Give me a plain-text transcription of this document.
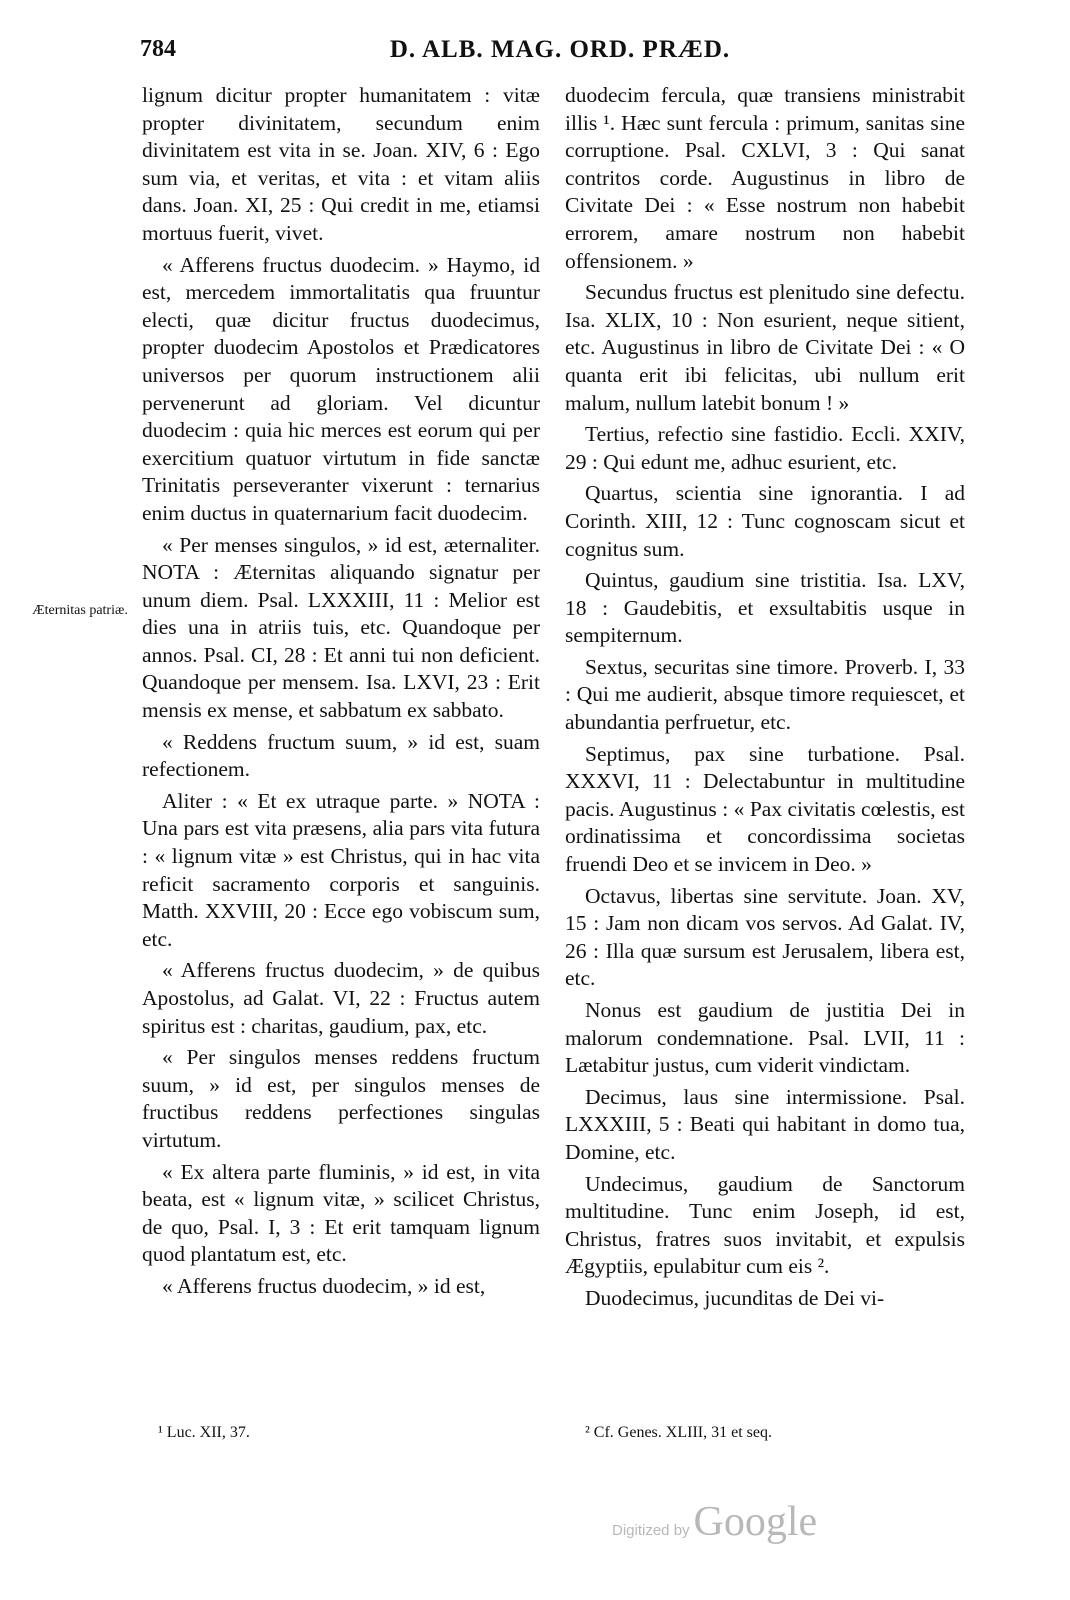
784	D. ALB. MAG. ORD. PRÆD.
Æternitas patriæ.

lignum dicitur propter humanitatem : vitæ propter divinitatem, secundum enim divinitatem est vita in se. Joan. XIV, 6 : Ego sum via, et veritas, et vita : et vitam aliis dans. Joan. XI, 25 : Qui credit in me, etiamsi mortuus fuerit, vivet.

« Afferens fructus duodecim. » Haymo, id est, mercedem immortalitatis qua fruuntur electi, quæ dicitur fructus duodecimus, propter duodecim Apostolos et Prædicatores universos per quorum instructionem alii pervenerunt ad gloriam. Vel dicuntur duodecim : quia hic merces est eorum qui per exercitium quatuor virtutum in fide sanctæ Trinitatis perseveranter vixerunt : ternarius enim ductus in quaternarium facit duodecim.

« Per menses singulos, » id est, æternaliter. NOTA : Æternitas aliquando signatur per unum diem. Psal. LXXXIII, 11 : Melior est dies una in atriis tuis, etc. Quandoque per annos. Psal. CI, 28 : Et anni tui non deficient. Quandoque per mensem. Isa. LXVI, 23 : Erit mensis ex mense, et sabbatum ex sabbato.

« Reddens fructum suum, » id est, suam refectionem.

Aliter : « Et ex utraque parte. » NOTA : Una pars est vita præsens, alia pars vita futura : « lignum vitæ » est Christus, qui in hac vita reficit sacramento corporis et sanguinis. Matth. XXVIII, 20 : Ecce ego vobiscum sum, etc.

« Afferens fructus duodecim, » de quibus Apostolus, ad Galat. VI, 22 : Fructus autem spiritus est : charitas, gaudium, pax, etc.

« Per singulos menses reddens fructum suum, » id est, per singulos menses de fructibus reddens perfectiones singulas virtutum.

« Ex altera parte fluminis, » id est, in vita beata, est « lignum vitæ, » scilicet Christus, de quo, Psal. I, 3 : Et erit tamquam lignum quod plantatum est, etc.

« Afferens fructus duodecim, » id est,

duodecim fercula, quæ transiens ministrabit illis ¹. Hæc sunt fercula : primum, sanitas sine corruptione. Psal. CXLVI, 3 : Qui sanat contritos corde. Augustinus in libro de Civitate Dei : « Esse nostrum non habebit errorem, amare nostrum non habebit offensionem. »

Secundus fructus est plenitudo sine defectu. Isa. XLIX, 10 : Non esurient, neque sitient, etc. Augustinus in libro de Civitate Dei : « O quanta erit ibi felicitas, ubi nullum erit malum, nullum latebit bonum ! »

Tertius, refectio sine fastidio. Eccli. XXIV, 29 : Qui edunt me, adhuc esurient, etc.

Quartus, scientia sine ignorantia. I ad Corinth. XIII, 12 : Tunc cognoscam sicut et cognitus sum.

Quintus, gaudium sine tristitia. Isa. LXV, 18 : Gaudebitis, et exsultabitis usque in sempiternum.

Sextus, securitas sine timore. Proverb. I, 33 : Qui me audierit, absque timore requiescet, et abundantia perfruetur, etc.

Septimus, pax sine turbatione. Psal. XXXVI, 11 : Delectabuntur in multitudine pacis. Augustinus : « Pax civitatis cœlestis, est ordinatissima et concordissima societas fruendi Deo et se invicem in Deo. »

Octavus, libertas sine servitute. Joan. XV, 15 : Jam non dicam vos servos. Ad Galat. IV, 26 : Illa quæ sursum est Jerusalem, libera est, etc.

Nonus est gaudium de justitia Dei in malorum condemnatione. Psal. LVII, 11 : Lætabitur justus, cum viderit vindictam.

Decimus, laus sine intermissione. Psal. LXXXIII, 5 : Beati qui habitant in domo tua, Domine, etc.

Undecimus, gaudium de Sanctorum multitudine. Tunc enim Joseph, id est, Christus, fratres suos invitabit, et expulsis Ægyptiis, epulabitur cum eis ².

Duodecimus, jucunditas de Dei vi-

¹ Luc. XII, 37.	² Cf. Genes. XLIII, 31 et seq.
Digitized by Google
